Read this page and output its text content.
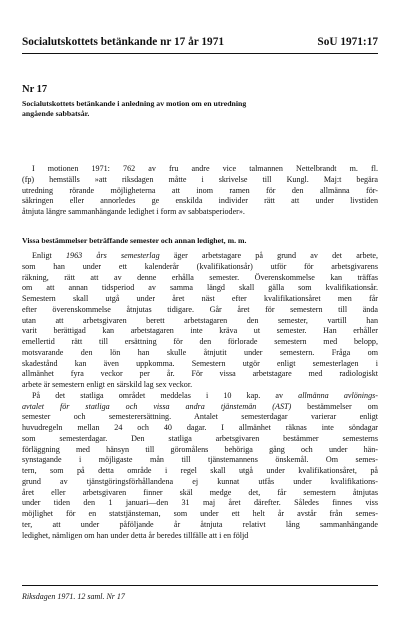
Socialutskottets betänkande nr 17 år 1971	SoU 1971:17
Nr 17
Socialutskottets betänkande i anledning av motion om en utredning
angående sabbatsår.
I motionen 1971: 762 av fru andre vice talmannen Nettelbrandt m. fl.
(fp) hemställs »att riksdagen måtte i skrivelse till Kungl. Maj:t begära
utredning rörande möjligheterna att inom ramen för den allmänna för-
säkringen eller annorledes ge enskilda individer rätt att under livstiden
åtnjuta längre sammanhängande ledighet i form av sabbatsperioder».
Vissa bestämmelser beträffande semester och annan ledighet, m. m.
Enligt 1963 års semesterlag äger arbetstagare på grund av det arbete,
som han under ett kalenderår (kvalifikationsår) utför för arbetsgivarens
räkning, rätt att av denne erhålla semester. Överenskommelse kan träffas
om att annan tidsperiod av samma längd skall gälla som kvalifikationsår.
Semestern skall utgå under året näst efter kvalifikationsåret men får
efter överenskommelse åtnjutas tidigare. Går året för semestern till ända
utan att arbetsgivaren berett arbetstagaren den semester, vartill han
varit berättigad kan arbetstagaren inte kräva ut semester. Han erhåller
emellertid rätt till ersättning för den förlorade semestern med belopp,
motsvarande den lön han skulle åtnjutit under semestern. Fråga om
skadestånd kan även uppkomma. Semestern utgör enligt semesterlagen i
allmänhet fyra veckor per år. För vissa arbetstagare med radiologiskt
arbete är semestern enligt en särskild lag sex veckor.
På det statliga området meddelas i 10 kap. av allmänna avlönings-
avtalet för statliga och vissa andra tjänstemän (AST) bestämmelser om
semester och semesterersättning. Antalet semesterdagar varierar enligt
huvudregeln mellan 24 och 40 dagar. I allmänhet räknas inte söndagar
som semesterdagar. Den statliga arbetsgivaren bestämmer semesterns
förläggning med hänsyn till göromålens behöriga gång och under hän-
synstagande i möjligaste mån till tjänstemannens önskemål. Om semes-
tern, som på detta område i regel skall utgå under kvalifikationsåret, på
grund av tjänstgöringsförhållandena ej kunnat utfås under kvalifikations-
året eller arbetsgivaren finner skäl medge det, får semestern åtnjutas
under tiden den 1 januari—den 31 maj året därefter. Således finnes viss
möjlighet för en statstjänsteman, som under ett helt år avstår från semes-
ter, att under påföljande år åtnjuta relativt lång sammanhängande
ledighet, nämligen om han under detta år beredes tillfälle att i en följd
Riksdagen 1971. 12 saml. Nr 17
